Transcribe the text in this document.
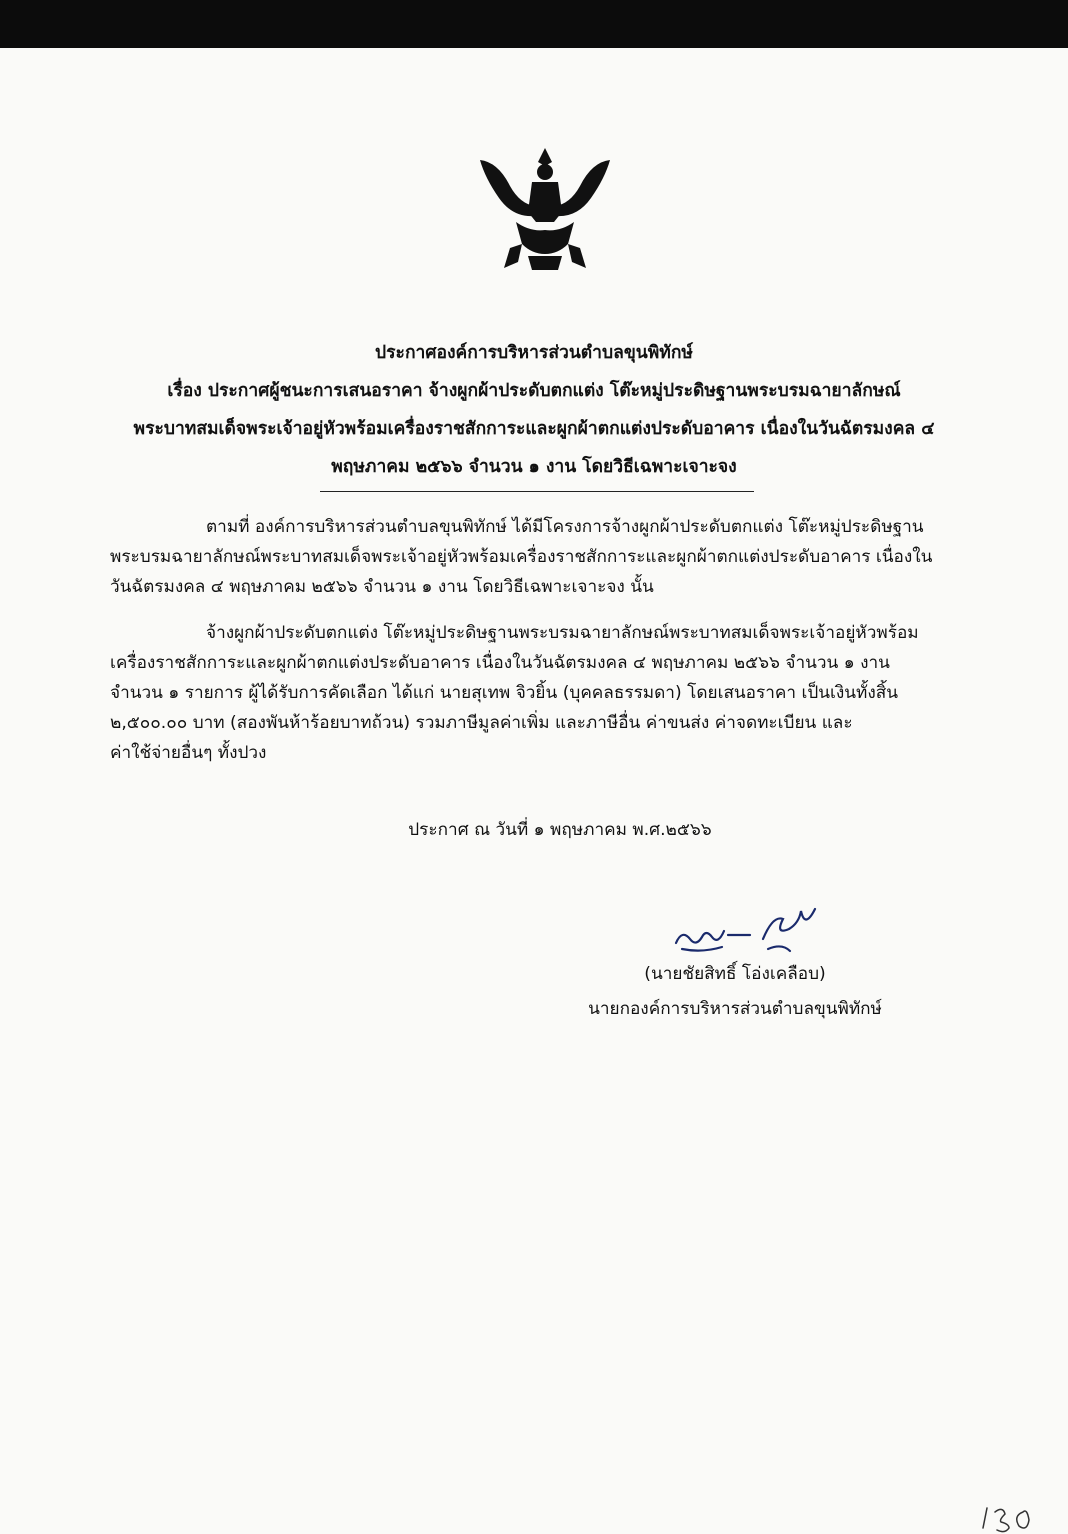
ประกาศองค์การบริหารส่วนตำบลขุนพิทักษ์
เรื่อง ประกาศผู้ชนะการเสนอราคา จ้างผูกผ้าประดับตกแต่ง โต๊ะหมู่ประดิษฐานพระบรมฉายาลักษณ์
พระบาทสมเด็จพระเจ้าอยู่หัวพร้อมเครื่องราชสักการะและผูกผ้าตกแต่งประดับอาคาร เนื่องในวันฉัตรมงคล ๔
พฤษภาคม ๒๕๖๖ จำนวน ๑ งาน โดยวิธีเฉพาะเจาะจง
ตามที่ องค์การบริหารส่วนตำบลขุนพิทักษ์ ได้มีโครงการจ้างผูกผ้าประดับตกแต่ง โต๊ะหมู่ประดิษฐาน
พระบรมฉายาลักษณ์พระบาทสมเด็จพระเจ้าอยู่หัวพร้อมเครื่องราชสักการะและผูกผ้าตกแต่งประดับอาคาร เนื่องใน
วันฉัตรมงคล ๔ พฤษภาคม ๒๕๖๖ จำนวน ๑ งาน โดยวิธีเฉพาะเจาะจง นั้น
จ้างผูกผ้าประดับตกแต่ง โต๊ะหมู่ประดิษฐานพระบรมฉายาลักษณ์พระบาทสมเด็จพระเจ้าอยู่หัวพร้อม
เครื่องราชสักการะและผูกผ้าตกแต่งประดับอาคาร เนื่องในวันฉัตรมงคล ๔ พฤษภาคม ๒๕๖๖ จำนวน ๑ งาน
จำนวน ๑ รายการ ผู้ได้รับการคัดเลือก ได้แก่ นายสุเทพ จิวยิ้น (บุคคลธรรมดา) โดยเสนอราคา เป็นเงินทั้งสิ้น
๒,๕๐๐.๐๐ บาท (สองพันห้าร้อยบาทถ้วน) รวมภาษีมูลค่าเพิ่ม และภาษีอื่น ค่าขนส่ง ค่าจดทะเบียน และ
ค่าใช้จ่ายอื่นๆ ทั้งปวง
ประกาศ ณ วันที่ ๑ พฤษภาคม พ.ศ.๒๕๖๖
(นายชัยสิทธิ์ โอ่งเคลือบ)
นายกองค์การบริหารส่วนตำบลขุนพิทักษ์
